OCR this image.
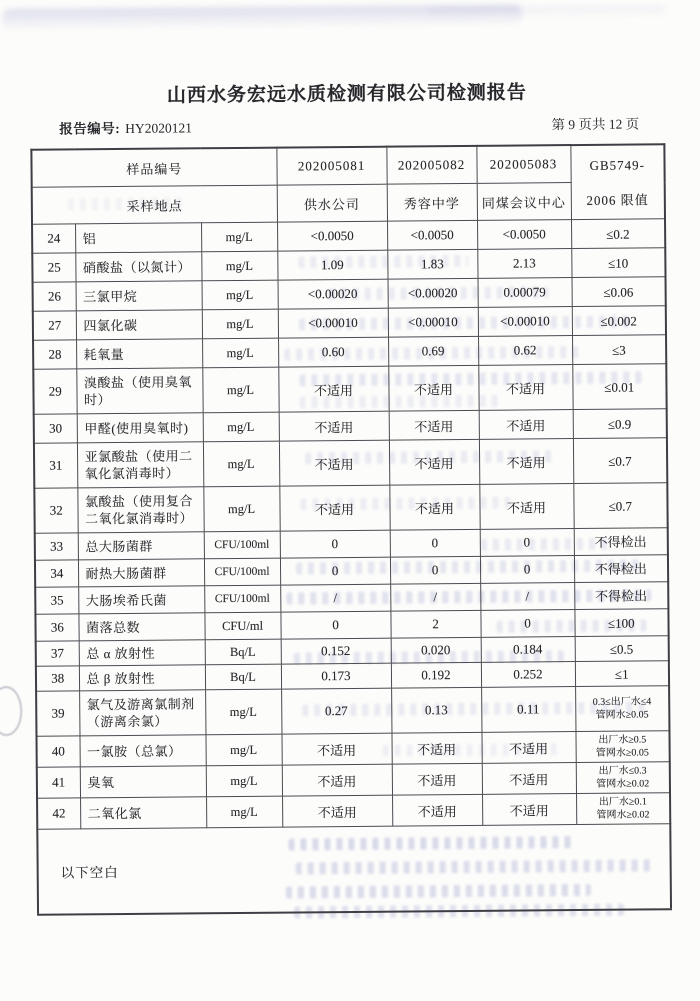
山西水务宏远水质检测有限公司检测报告
报告编号: HY2020121	第 9 页共 12 页
样品编号			202005081	202005082	202005083	GB5749-
2006 限值
采样地点			供水公司	秀容中学	同煤会议中心	
24	铝	mg/L	<0.0050	<0.0050	<0.0050	≤0.2
25	硝酸盐（以氮计）	mg/L	1.09	1.83	2.13	≤10
26	三氯甲烷	mg/L	<0.00020	<0.00020	0.00079	≤0.06
27	四氯化碳	mg/L	<0.00010	<0.00010	<0.00010	≤0.002
28	耗氧量	mg/L	0.60	0.69	0.62	≤3
29	溴酸盐（使用臭氧
时）	mg/L	不适用	不适用	不适用	≤0.01
30	甲醛(使用臭氧时)	mg/L	不适用	不适用	不适用	≤0.9
31	亚氯酸盐（使用二
氧化氯消毒时）	mg/L	不适用	不适用	不适用	≤0.7
32	氯酸盐（使用复合
二氧化氯消毒时）	mg/L	不适用	不适用	不适用	≤0.7
33	总大肠菌群	CFU/100ml	0	0	0	不得检出
34	耐热大肠菌群	CFU/100ml	0	0	0	不得检出
35	大肠埃希氏菌	CFU/100ml	/	/	/	不得检出
36	菌落总数	CFU/ml	0	2	0	≤100
37	总 α 放射性	Bq/L	0.152	0.020	0.184	≤0.5
38	总 β 放射性	Bq/L	0.173	0.192	0.252	≤1
39	氯气及游离氯制剂
（游离余氯）	mg/L	0.27	0.13	0.11	0.3≤出厂水≤4
管网水≥0.05
40	一氯胺（总氯）	mg/L	不适用	不适用	不适用	出厂水≥0.5
管网水≥0.05
41	臭氧	mg/L	不适用	不适用	不适用	出厂水≤0.3
管网水≥0.02
42	二氧化氯	mg/L	不适用	不适用	不适用	出厂水≥0.1
管网水≥0.02
以下空白						
